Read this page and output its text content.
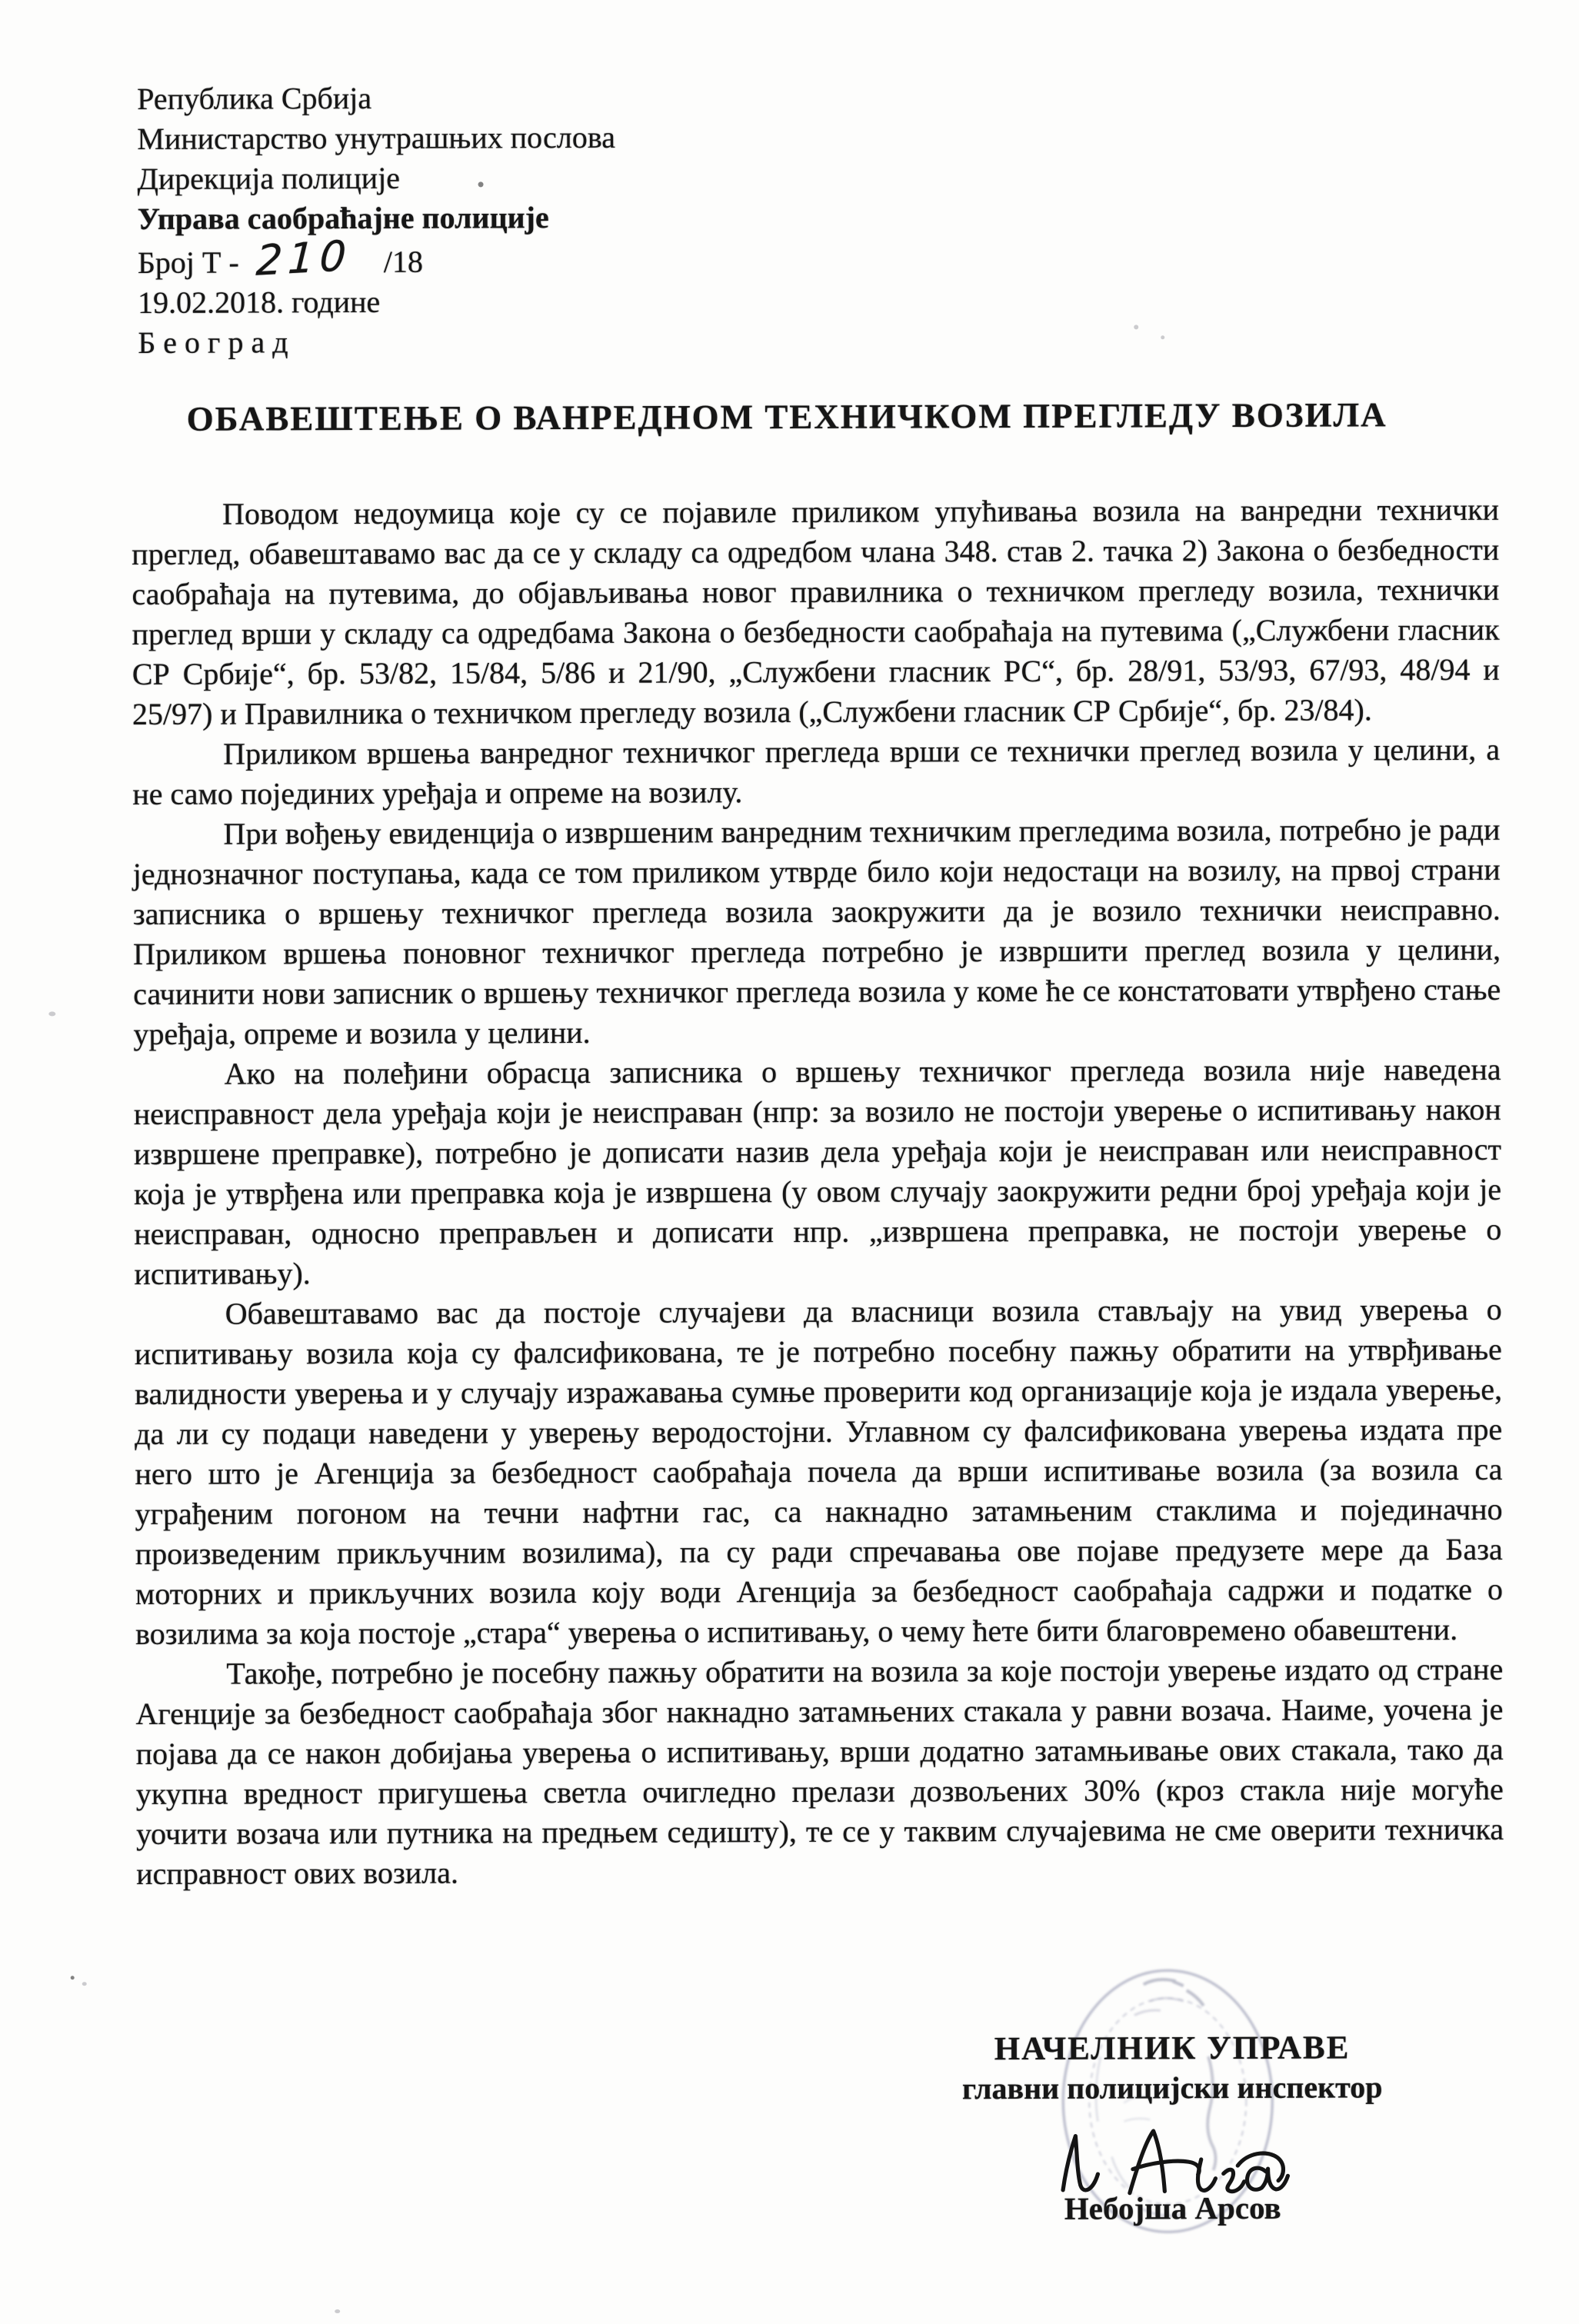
Република Србија
Министарство унутрашњих послова
Дирекција полиције
Управа саобраћајне полиције
Број Т - 210 /18
19.02.2018. године
Б е о г р а д
ОБАВЕШТЕЊЕ О ВАНРЕДНОМ ТЕХНИЧКОМ ПРЕГЛЕДУ ВОЗИЛА

Поводом недоумица које су се појавиле приликом упућивања возила на ванредни технички преглед, обавештавамо вас да се у складу са одредбом члана 348. став 2. тачка 2) Закона о безбедности саобраћаја на путевима, до објављивања новог правилника о техничком прегледу возила, технички преглед врши у складу са одредбама Закона о безбедности саобраћаја на путевима („Службени гласник СР Србије“, бр. 53/82, 15/84, 5/86 и 21/90, „Службени гласник РС“, бр. 28/91, 53/93, 67/93, 48/94 и 25/97) и Правилника о техничком прегледу возила („Службени гласник СР Србије“, бр. 23/84).

Приликом вршења ванредног техничког прегледа врши се технички преглед возила у целини, а не само појединих уређаја и опреме на возилу.

При вођењу евиденција о извршеним ванредним техничким прегледима возила, потребно је ради једнозначног поступања, када се том приликом утврде било који недостаци на возилу, на првој страни записника о вршењу техничког прегледа возила заокружити да је возило технички неисправно. Приликом вршења поновног техничког прегледа потребно је извршити преглед возила у целини, сачинити нови записник о вршењу техничког прегледа возила у коме ће се констатовати утврђено стање уређаја, опреме и возила у целини.

Ако на полеђини обрасца записника о вршењу техничког прегледа возила није наведена неисправност дела уређаја који је неисправан (нпр: за возило не постоји уверење о испитивању након извршене преправке), потребно је дописати назив дела уређаја који је неисправан или неисправност која је утврђена или преправка која је извршена (у овом случају заокружити редни број уређаја који је неисправан, односно преправљен и дописати нпр. „извршена преправка, не постоји уверење о испитивању).

Обавештавамо вас да постоје случајеви да власници возила стављају на увид уверења о испитивању возила која су фалсификована, те је потребно посебну пажњу обратити на утврђивање валидности уверења и у случају изражавања сумње проверити код организације која је издала уверење, да ли су подаци наведени у уверењу веродостојни. Углавном су фалсификована уверења издата пре него што је Агенција за безбедност саобраћаја почела да врши испитивање возила (за возила са уграђеним погоном на течни нафтни гас, са накнадно затамњеним стаклима и појединачно произведеним прикључним возилима), па су ради спречавања ове појаве предузете мере да База моторних и прикључних возила коју води Агенција за безбедност саобраћаја садржи и податке о возилима за која постоје „стара“ уверења о испитивању, о чему ћете бити благовремено обавештени.

Такође, потребно је посебну пажњу обратити на возила за које постоји уверење издато од стране Агенције за безбедност саобраћаја због накнадно затамњених стакала у равни возача. Наиме, уочена је појава да се након добијања уверења о испитивању, врши додатно затамњивање ових стакала, тако да укупна вредност пригушења светла очигледно прелази дозвољених 30% (кроз стакла није могуће уочити возача или путника на предњем седишту), те се у таквим случајевима не сме оверити техничка исправност ових возила.

НАЧЕЛНИК УПРАВЕ
главни полицијски инспектор
Небојша Арсов
